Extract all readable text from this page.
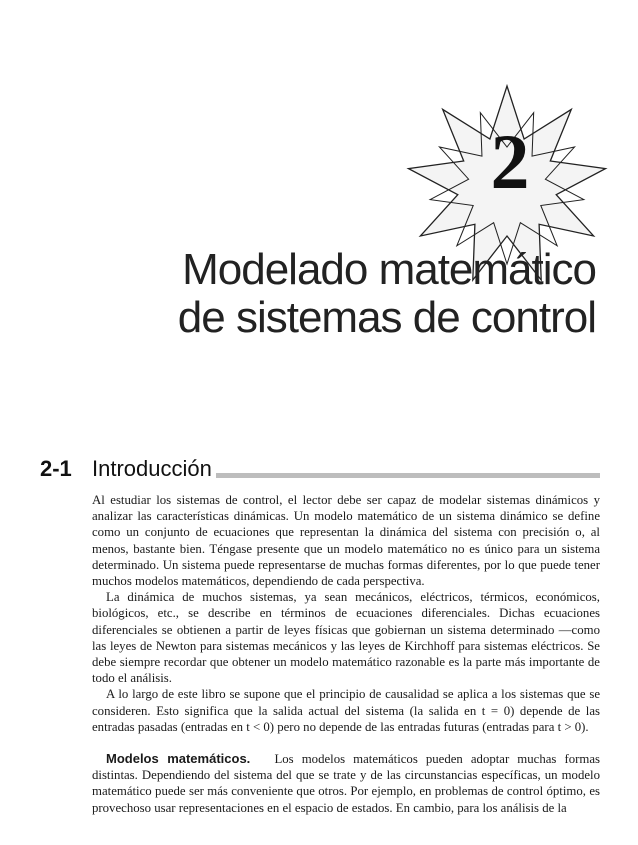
2
Modelado matemático
de sistemas de control
2-1 Introducción

Al estudiar los sistemas de control, el lector debe ser capaz de modelar sistemas dinámicos y analizar las características dinámicas. Un modelo matemático de un sistema dinámico se define como un conjunto de ecuaciones que representan la dinámica del sistema con precisión o, al menos, bastante bien. Téngase presente que un modelo matemático no es único para un sistema determinado. Un sistema puede representarse de muchas formas diferentes, por lo que puede tener muchos modelos matemáticos, dependiendo de cada perspectiva.

La dinámica de muchos sistemas, ya sean mecánicos, eléctricos, térmicos, económicos, biológicos, etc., se describe en términos de ecuaciones diferenciales. Dichas ecuaciones diferenciales se obtienen a partir de leyes físicas que gobiernan un sistema determinado —como las leyes de Newton para sistemas mecánicos y las leyes de Kirchhoff para sistemas eléctricos. Se debe siempre recordar que obtener un modelo matemático razonable es la parte más importante de todo el análisis.

A lo largo de este libro se supone que el principio de causalidad se aplica a los sistemas que se consideren. Esto significa que la salida actual del sistema (la salida en t = 0) depende de las entradas pasadas (entradas en t < 0) pero no depende de las entradas futuras (entradas para t > 0).

Modelos matemáticos. Los modelos matemáticos pueden adoptar muchas formas distintas. Dependiendo del sistema del que se trate y de las circunstancias específicas, un modelo matemático puede ser más conveniente que otros. Por ejemplo, en problemas de control óptimo, es provechoso usar representaciones en el espacio de estados. En cambio, para los análisis de la
